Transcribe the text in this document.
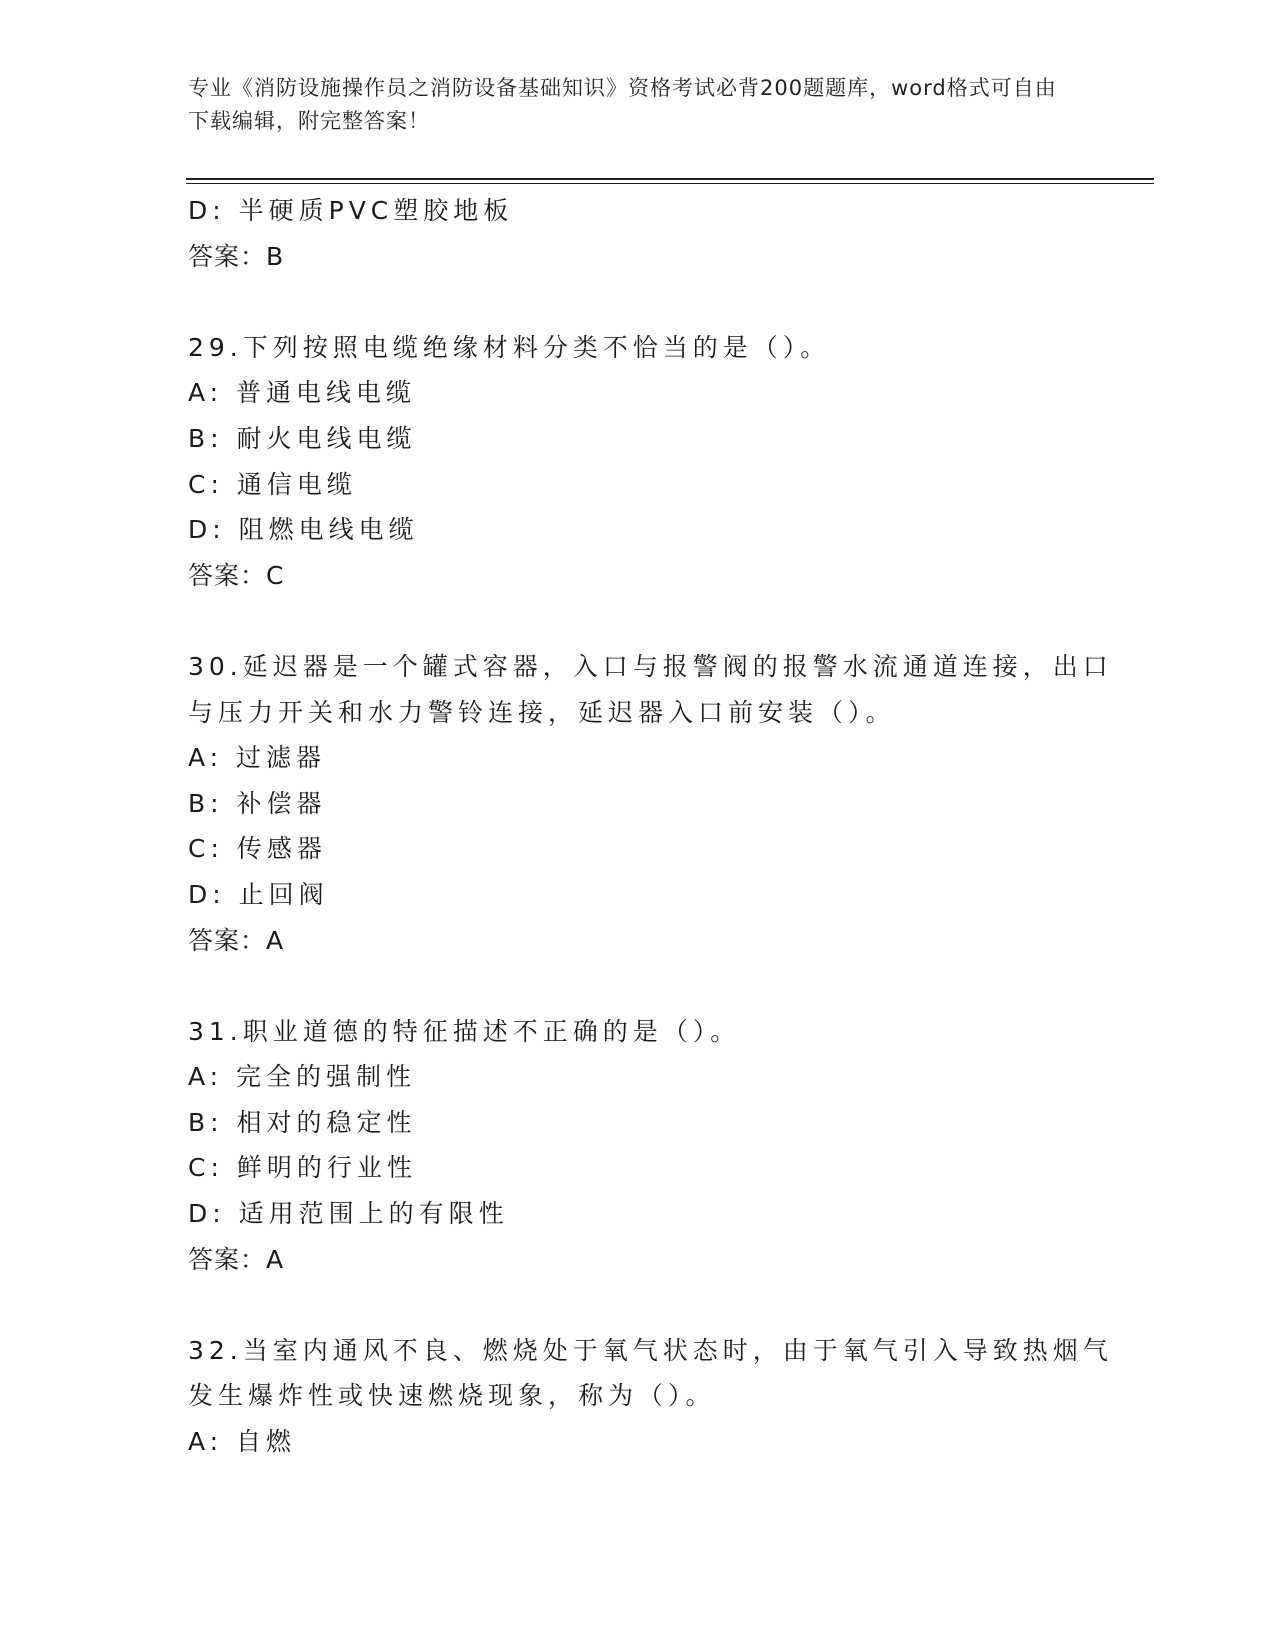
专业《消防设施操作员之消防设备基础知识》资格考试必背200题题库，word格式可自由下载编辑，附完整答案！
D: 半硬质PVC塑胶地板
答案：B
29.下列按照电缆绝缘材料分类不恰当的是（）。
A: 普通电线电缆
B: 耐火电线电缆
C: 通信电缆
D: 阻燃电线电缆
答案：C
30.延迟器是一个罐式容器，入口与报警阀的报警水流通道连接，出口
与压力开关和水力警铃连接，延迟器入口前安装（）。
A: 过滤器
B: 补偿器
C: 传感器
D: 止回阀
答案：A
31.职业道德的特征描述不正确的是（）。
A: 完全的强制性
B: 相对的稳定性
C: 鲜明的行业性
D: 适用范围上的有限性
答案：A
32.当室内通风不良、燃烧处于氧气状态时，由于氧气引入导致热烟气
发生爆炸性或快速燃烧现象，称为（）。
A: 自燃
